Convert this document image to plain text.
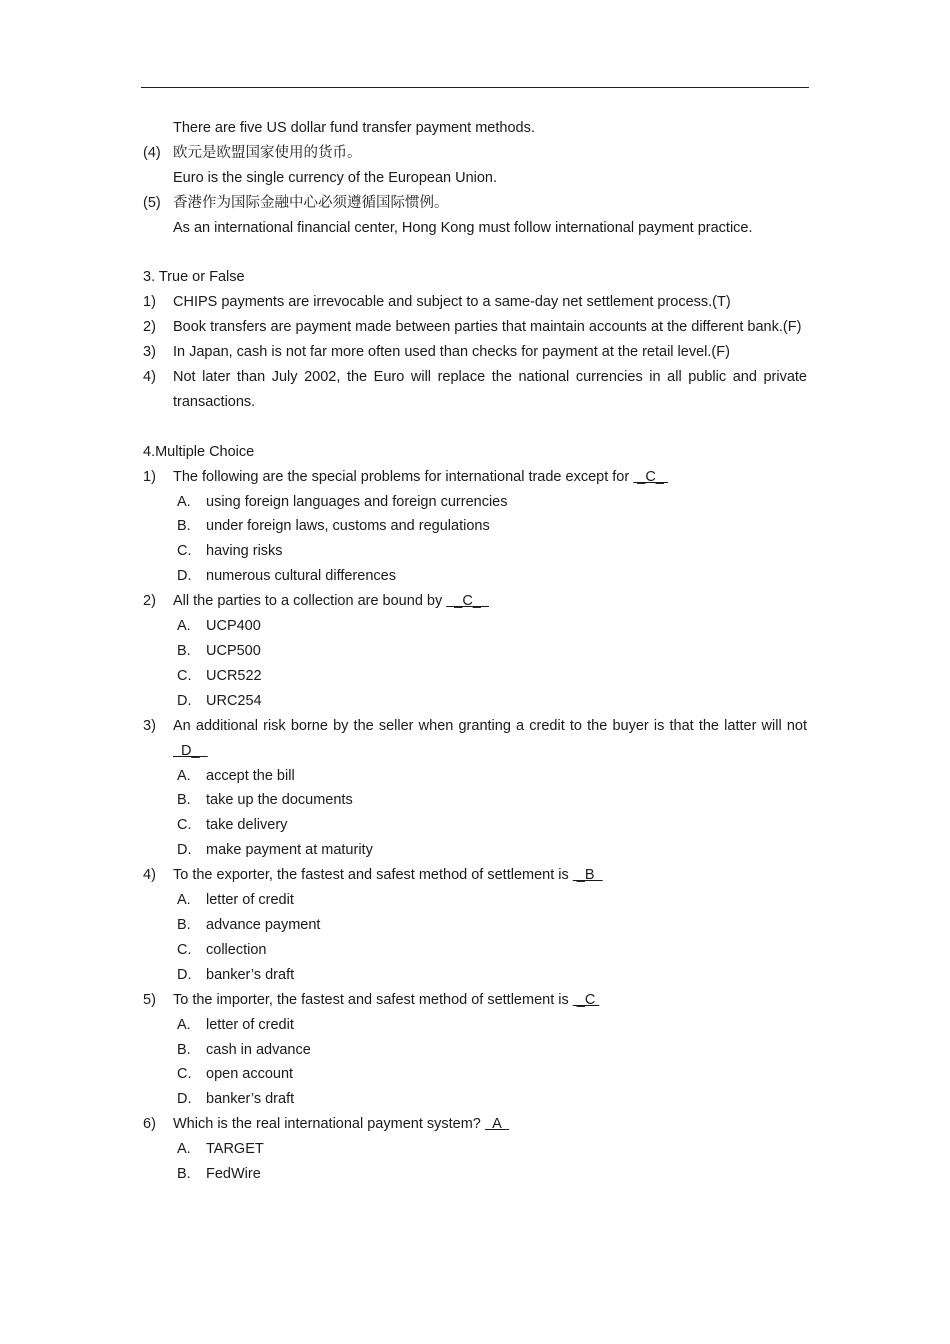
There are five US dollar fund transfer payment methods.
(4) 欧元是欧盟国家使用的货币。
Euro is the single currency of the European Union.
(5) 香港作为国际金融中心必须遵循国际惯例。
As an international financial center, Hong Kong must follow international payment practice.
3. True or False
1)	CHIPS payments are irrevocable and subject to a same-day net settlement process.(T)
2)	Book transfers are payment made between parties that maintain accounts at the different bank.(F)
3)	In Japan, cash is not far more often used than checks for payment at the retail level.(F)
4)	Not later than July 2002, the Euro will replace the national currencies in all public and private transactions.
4.Multiple Choice
1)	The following are the special problems for international trade except for  _C_
A.	using foreign languages and foreign currencies
B.	under foreign laws, customs and regulations
C.	having risks
D.	numerous cultural differences
2)	All the parties to a collection are bound by   _C_
A.	UCP400
B.	UCP500
C.	UCR522
D.	URC254
3)	An additional risk borne by the seller when granting a credit to the buyer is that the latter will not   D_
A.	accept the bill
B.	take up the documents
C.	take delivery
D.	make payment at maturity
4)	To the exporter, the fastest and safest method of settlement is  _B
A.	letter of credit
B.	advance payment
C.	collection
D.	banker’s draft
5)	To the importer, the fastest and safest method of settlement is  _C
A.	letter of credit
B.	cash in advance
C.	open account
D.	banker’s draft
6)	Which is the real international payment system?   A
A.	TARGET
B.	FedWire
